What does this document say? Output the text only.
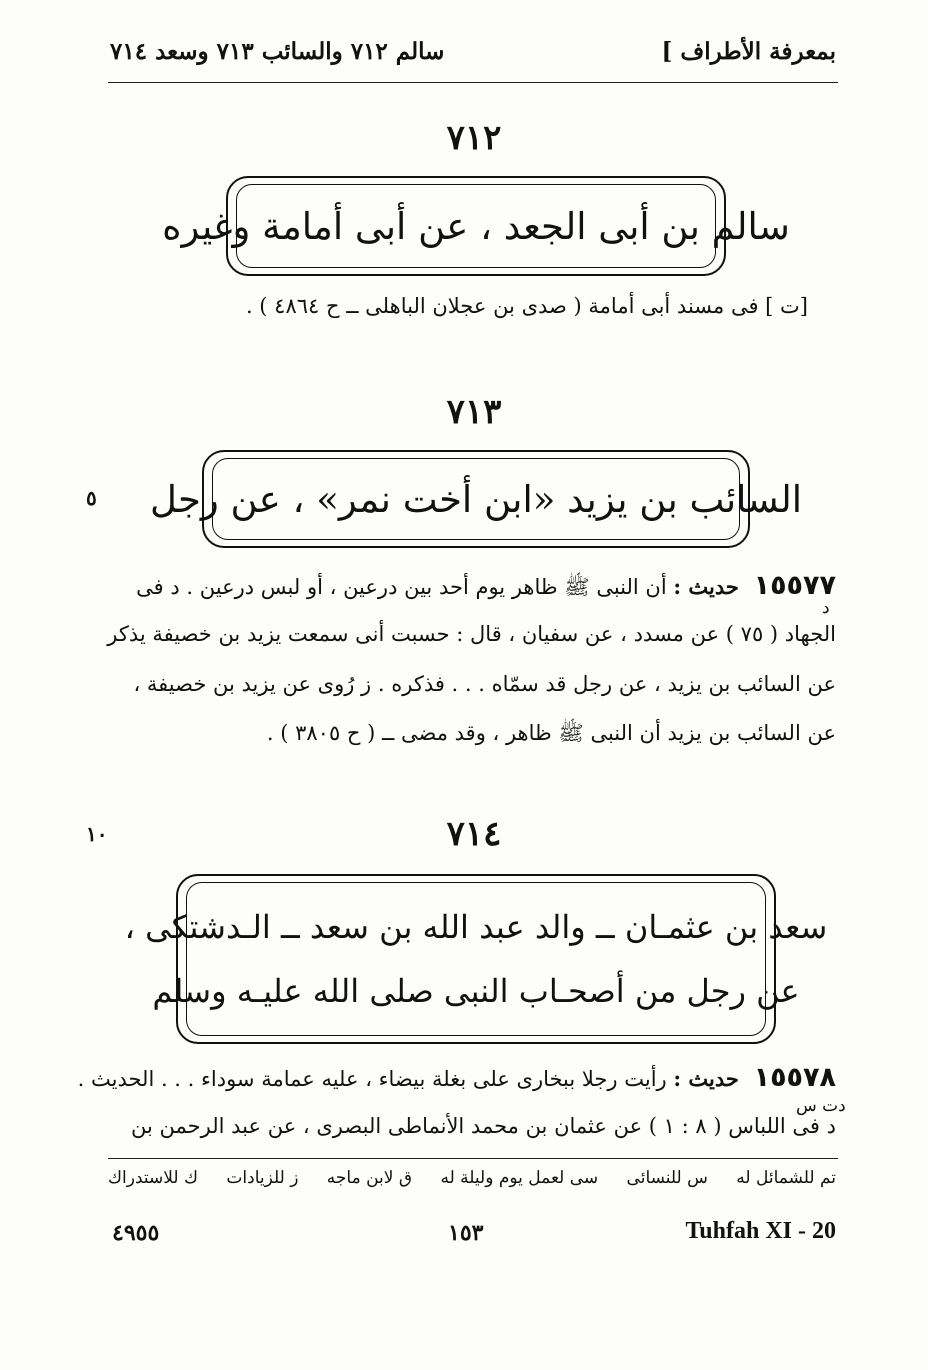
بمعرفة الأطراف ]
سالم ٧١٢ والسائب ٧١٣ وسعد ٧١٤
٧١٢
سالم بن أبى الجعد ، عن أبى أمامة وغيره
[ت ] فى مسند أبى أمامة ( صدى بن عجلان الباهلى ــ ح ٤٨٦٤ ) .
٧١٣
٥ السائب بن يزيد «ابن أخت نمر» ، عن رجل
١٥٥٧٧ حديث : أن النبى ﷺ ظاهر يوم أحد بين درعين ، أو لبس درعين . د فى
د
الجهاد ( ٧٥ ) عن مسدد ، عن سفيان ، قال : حسبت أنى سمعت يزيد بن خصيفة يذكر
عن السائب بن يزيد ، عن رجل قد سمّاه . . . فذكره . ز رُوى عن يزيد بن خصيفة ،
عن السائب بن يزيد أن النبى ﷺ ظاهر ، وقد مضى ــ ( ح ٣٨٠٥ ) .
١٠	٧١٤
سعد بن عثمـان ــ والد عبد الله بن سعد ــ الـدشتكى ،
عن رجل من أصحـاب النبى صلى الله عليـه وسلم
١٥٥٧٨ حديث : رأيت رجلا ببخارى على بغلة بيضاء ، عليه عمامة سوداء . . . الحديث .
دت س
د فى اللباس ( ٨ : ١ ) عن عثمان بن محمد الأنماطى البصرى ، عن عبد الرحمن بن
تم للشمائل له
س للنسائى
سى لعمل يوم وليلة له
ق لابن ماجه
ز للزيادات
ك للاستدراك
٤٩٥٥	١٥٣	Tuhfah XI - 20
